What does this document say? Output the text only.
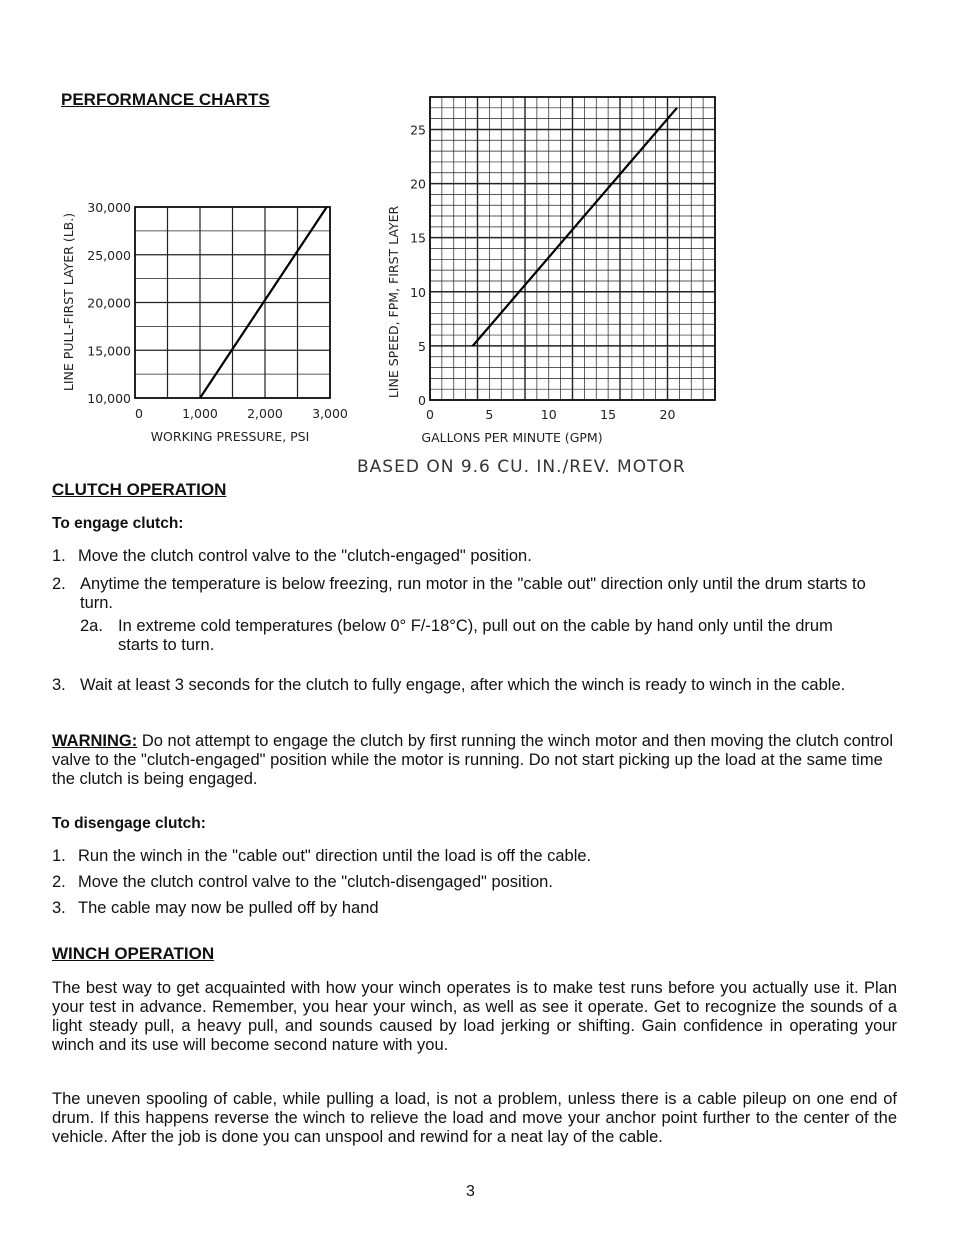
PERFORMANCE CHARTS
10,000
15,000
20,000
25,000
30,000
0	1,000 2,000 3,000
WORKING PRESSURE, PSI
LINE PULL-FIRST LAYER (LB.)
0
5
10
15
20
25
0	5	10	15	20
GALLONS PER MINUTE (GPM)
LINE SPEED, FPM, FIRST LAYER
BASED ON 9.6 CU. IN./REV. MOTOR
CLUTCH OPERATION
To engage clutch:
1. Move the clutch control valve to the "clutch-engaged" position.
2. Anytime the temperature is below freezing, run motor in the "cable out" direction only until the drum starts to turn.
2a. In extreme cold temperatures (below 0° F/-18°C), pull out on the cable by hand only until the drum starts to turn.
3. Wait at least 3 seconds for the clutch to fully engage, after which the winch is ready to winch in the cable.
WARNING: Do not attempt to engage the clutch by first running the winch motor and then moving the clutch control valve to the "clutch-engaged" position while the motor is running. Do not start picking up the load at the same time the clutch is being engaged.
To disengage clutch:
1. Run the winch in the "cable out" direction until the load is off the cable.
2. Move the clutch control valve to the "clutch-disengaged" position.
3. The cable may now be pulled off by hand
WINCH OPERATION
The best way to get acquainted with how your winch operates is to make test runs before you actually use it. Plan your test in advance. Remember, you hear your winch, as well as see it operate. Get to recognize the sounds of a light steady pull, a heavy pull, and sounds caused by load jerking or shifting. Gain confidence in operating your winch and its use will become second nature with you.
The uneven spooling of cable, while pulling a load, is not a problem, unless there is a cable pileup on one end of drum. If this happens reverse the winch to relieve the load and move your anchor point further to the center of the vehicle. After the job is done you can unspool and rewind for a neat lay of the cable.
3
